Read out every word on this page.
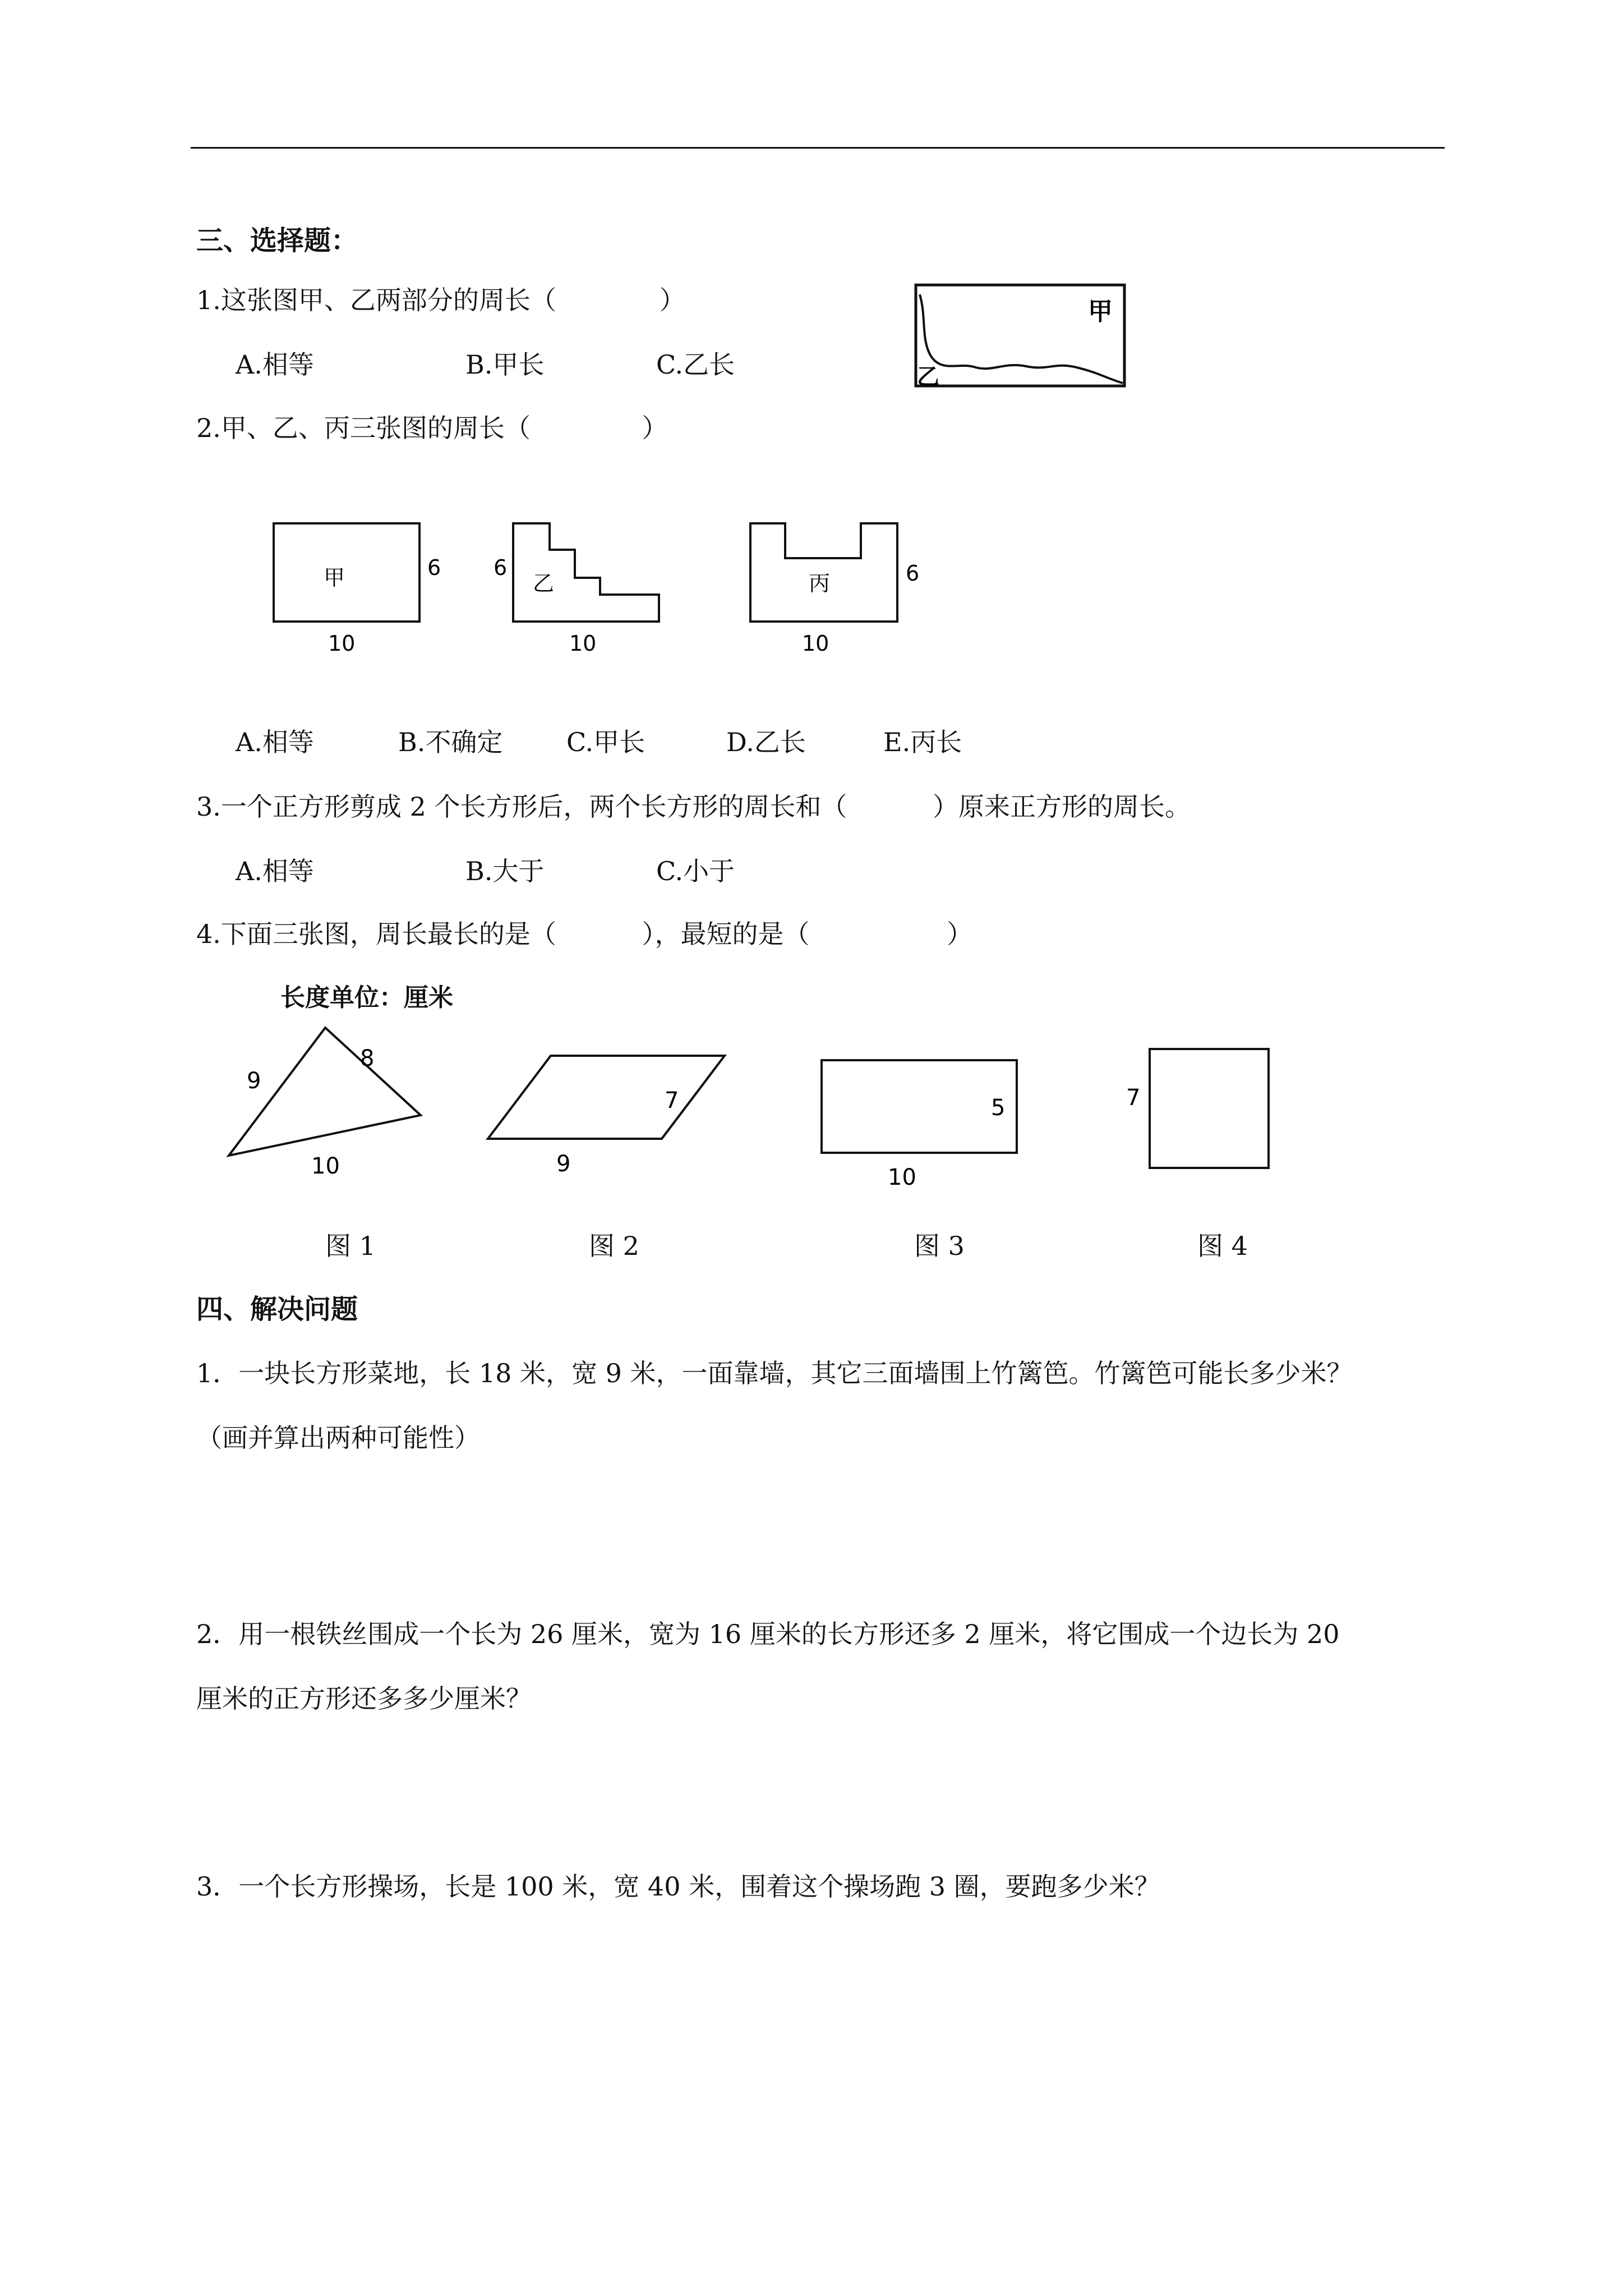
三、选择题：
1.这张图甲、乙两部分的周长（　　　　）
A.相等	B.甲长	C.乙长
甲
乙
2.甲、乙、丙三张图的周长（　　　　 ）
甲	6
10
乙
6
10
丙	6
10
A.相等	B.不确定 C.甲长	D.乙长	E.丙长
3.一个正方形剪成 2 个长方形后，两个长方形的周长和（　　　 ）原来正方形的周长。
A.相等	B.大于	C.小于
4.下面三张图，周长最长的是（　　　 ），最短的是（　　　　　 ）
长度单位：厘米
9
8
10
7
9
5
10
7
图 1	图 2	图 3	图 4
四、解决问题
1．一块长方形菜地，长 18 米，宽 9 米，一面靠墙，其它三面墙围上竹篱笆。竹篱笆可能长多少米？
（画并算出两种可能性）
2．用一根铁丝围成一个长为 26 厘米，宽为 16 厘米的长方形还多 2 厘米，将它围成一个边长为 20
厘米的正方形还多多少厘米？
3．一个长方形操场，长是 100 米，宽 40 米，围着这个操场跑 3 圈，要跑多少米？
